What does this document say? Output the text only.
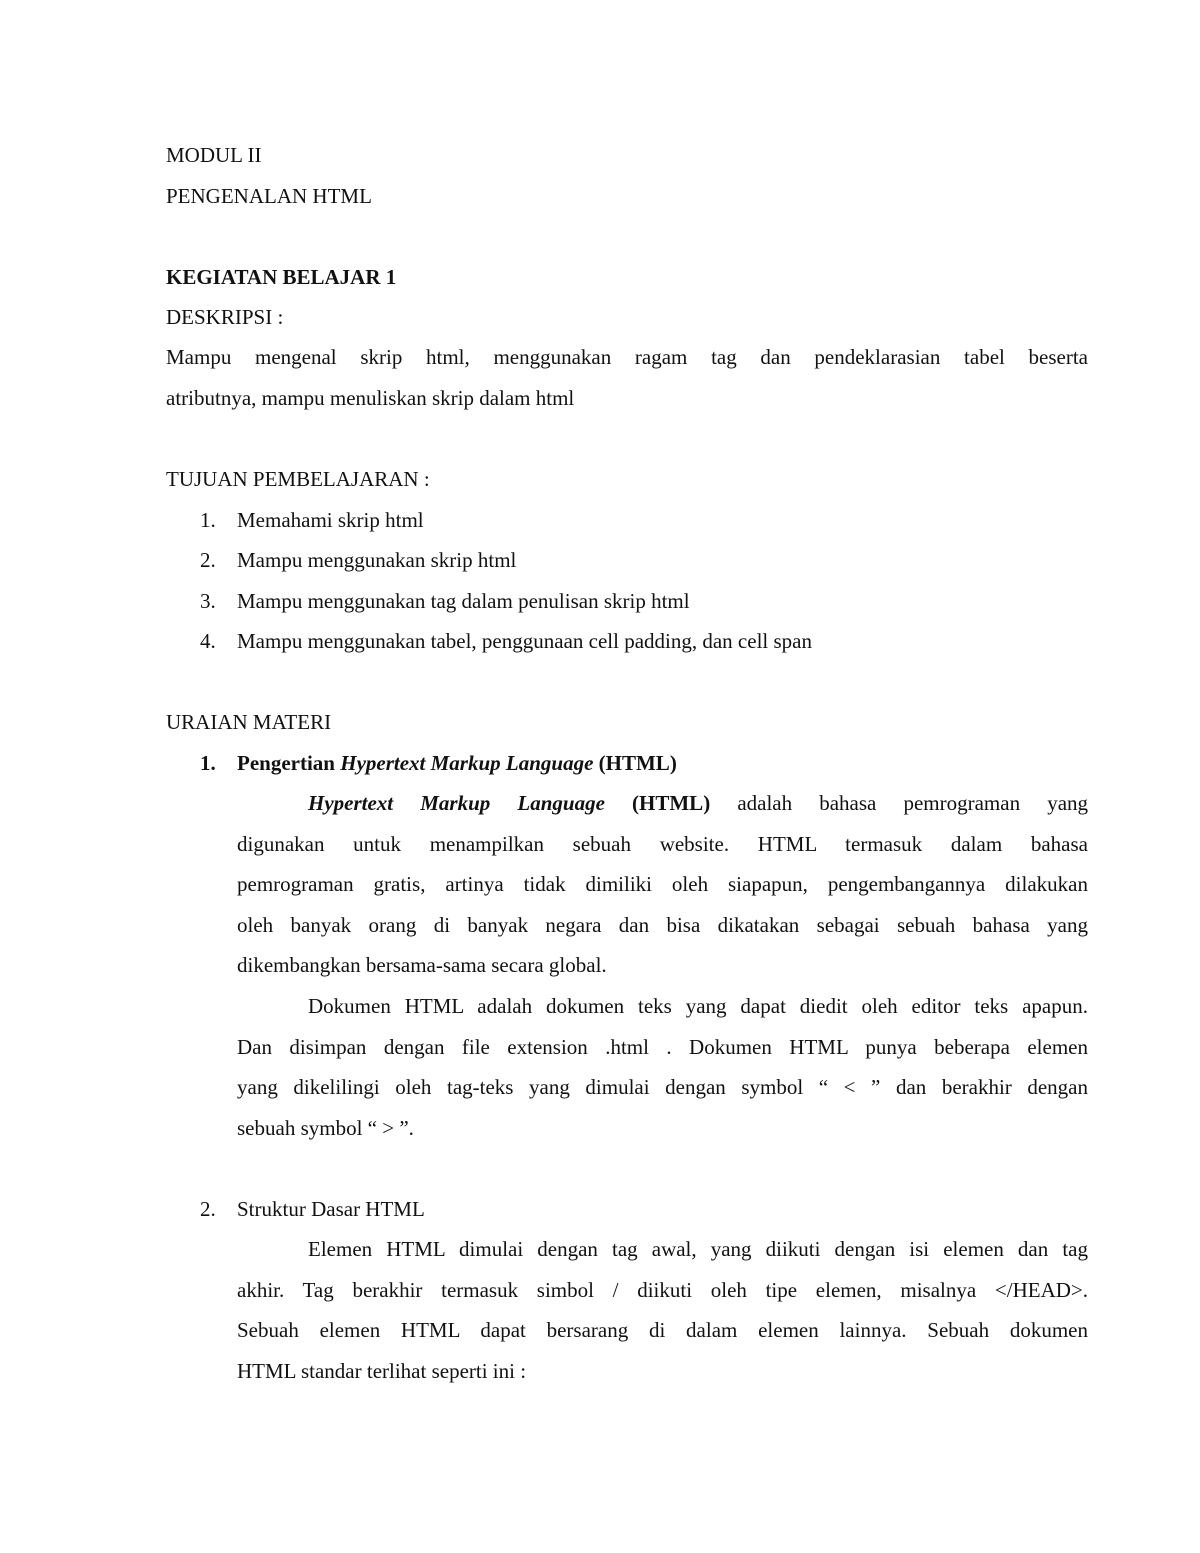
MODUL II
PENGENALAN HTML
KEGIATAN BELAJAR 1
DESKRIPSI :
Mampu mengenal skrip html, menggunakan ragam tag dan pendeklarasian tabel beserta
atributnya, mampu menuliskan skrip dalam html
TUJUAN PEMBELAJARAN :
1. Memahami skrip html
2. Mampu menggunakan skrip html
3. Mampu menggunakan tag dalam penulisan skrip html
4. Mampu menggunakan tabel, penggunaan cell padding, dan cell span
URAIAN MATERI
1. Pengertian Hypertext Markup Language (HTML)
Hypertext Markup Language (HTML) adalah bahasa pemrograman yang
digunakan untuk menampilkan sebuah website. HTML termasuk dalam bahasa
pemrograman gratis, artinya tidak dimiliki oleh siapapun, pengembangannya dilakukan
oleh banyak orang di banyak negara dan bisa dikatakan sebagai sebuah bahasa yang
dikembangkan bersama-sama secara global.
Dokumen HTML adalah dokumen teks yang dapat diedit oleh editor teks apapun.
Dan disimpan dengan file extension .html . Dokumen HTML punya beberapa elemen
yang dikelilingi oleh tag-teks yang dimulai dengan symbol “ < ” dan berakhir dengan
sebuah symbol “ > ”.
2. Struktur Dasar HTML
Elemen HTML dimulai dengan tag awal, yang diikuti dengan isi elemen dan tag
akhir. Tag berakhir termasuk simbol / diikuti oleh tipe elemen, misalnya </HEAD>.
Sebuah elemen HTML dapat bersarang di dalam elemen lainnya. Sebuah dokumen
HTML standar terlihat seperti ini :
